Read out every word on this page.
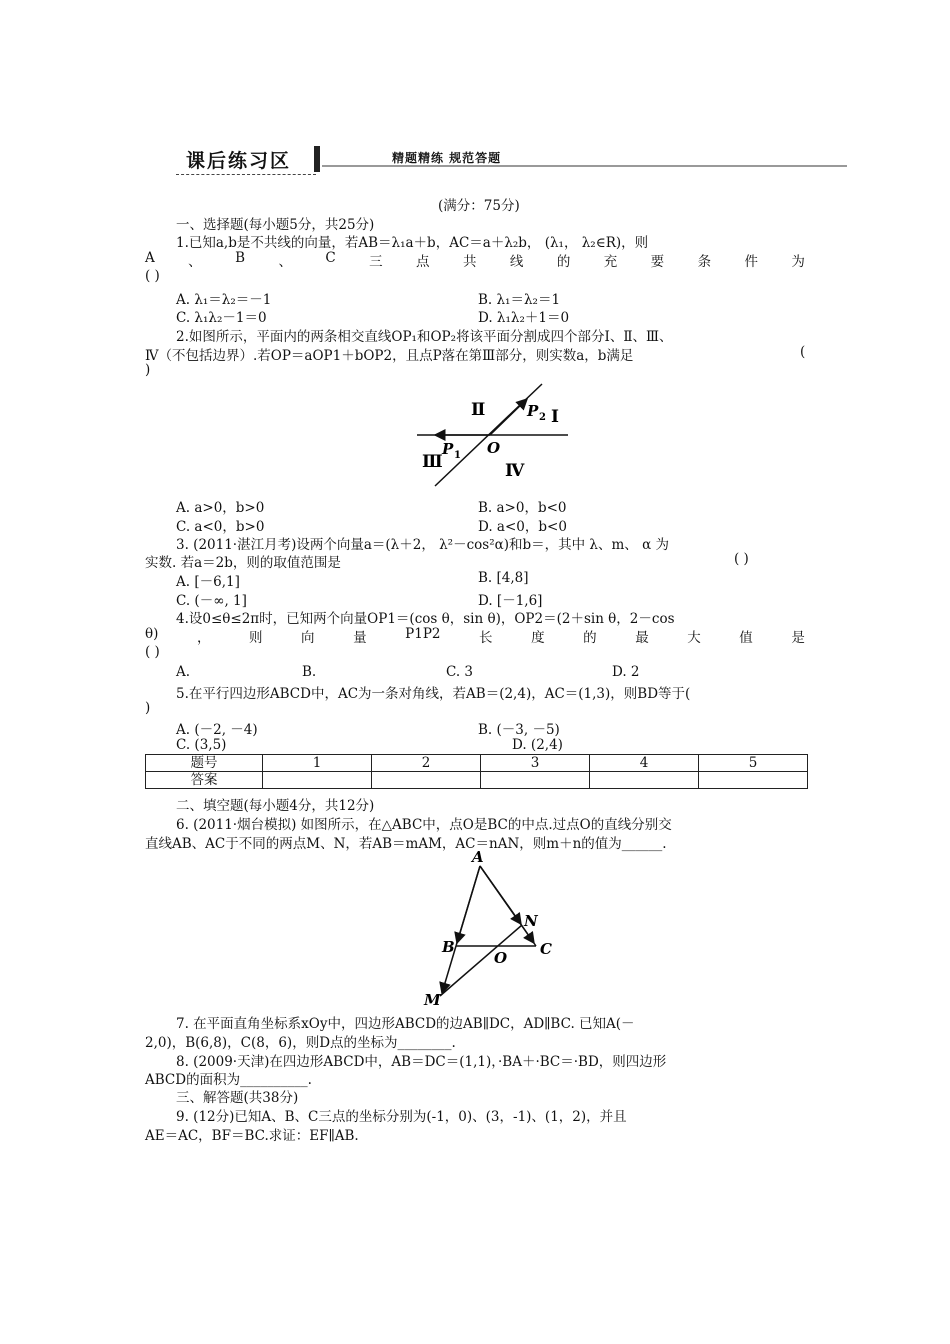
课后练习区	精题精练 规范答题
(满分：75分)
一、选择题(每小题5分，共25分)
1.已知a,b是不共线的向量，若AB＝λ₁a＋b，AC＝a＋λ₂b， (λ₁， λ₂∈R)，则
A 、 B 、 C 三 点 共 线 的 充 要 条 件 为
( )
A. λ₁＝λ₂＝－1	B. λ₁＝λ₂＝1
C. λ₁λ₂－1＝0	D. λ₁λ₂＋1＝0
2.如图所示，平面内的两条相交直线OP₁和OP₂将该平面分割成四个部分Ⅰ、Ⅱ、Ⅲ、
Ⅳ（不包括边界）.若OP＝aOP1＋bOP2，且点P落在第Ⅲ部分，则实数a，b满足	(
)
Ⅱ	Ⅰ
Ⅲ	Ⅳ
O
P 1
P 2
A. a>0，b>0	B. a>0，b<0
C. a<0，b>0	D. a<0，b<0
3. (2011·湛江月考)设两个向量a＝(λ＋2， λ²－cos²α)和b＝，其中 λ、m、 α 为
实数. 若a＝2b，则的取值范围是	( )
A. [－6,1]	B. [4,8]
C. (－∞, 1]	D. [－1,6]
4.设0≤θ≤2π时，已知两个向量OP1＝(cos θ，sin θ)，OP2＝(2＋sin θ，2－cos
θ)	，	则	向	量	P1P2	长	度	的	最	大	值	是
( )
A.	B.	C. 3	D. 2
5.在平行四边形ABCD中，AC为一条对角线，若AB＝(2,4)，AC＝(1,3)，则BD等于(
)
A. (－2, －4)	B. (－3, －5)
C. (3,5)	D. (2,4)
题号	1	2	3	4	5
答案					
二、填空题(每小题4分，共12分)
6. (2011·烟台模拟) 如图所示，在△ABC中，点O是BC的中点.过点O的直线分别交
直线AB、AC于不同的两点M、N，若AB＝mAM，AC＝nAN，则m＋n的值为______.
A
N
B	C
O
M
7. 在平面直角坐标系xOy中，四边形ABCD的边AB∥DC，AD∥BC. 已知A(－
2,0)，B(6,8)，C(8，6)，则D点的坐标为________.
8. (2009·天津)在四边形ABCD中，AB＝DC＝(1,1)，·BA＋·BC＝·BD，则四边形
ABCD的面积为__________.
三、解答题(共38分)
9. (12分)已知A、B、C三点的坐标分别为(-1，0)、(3，-1)、(1，2)，并且
AE＝AC，BF＝BC.求证：EF∥AB.
